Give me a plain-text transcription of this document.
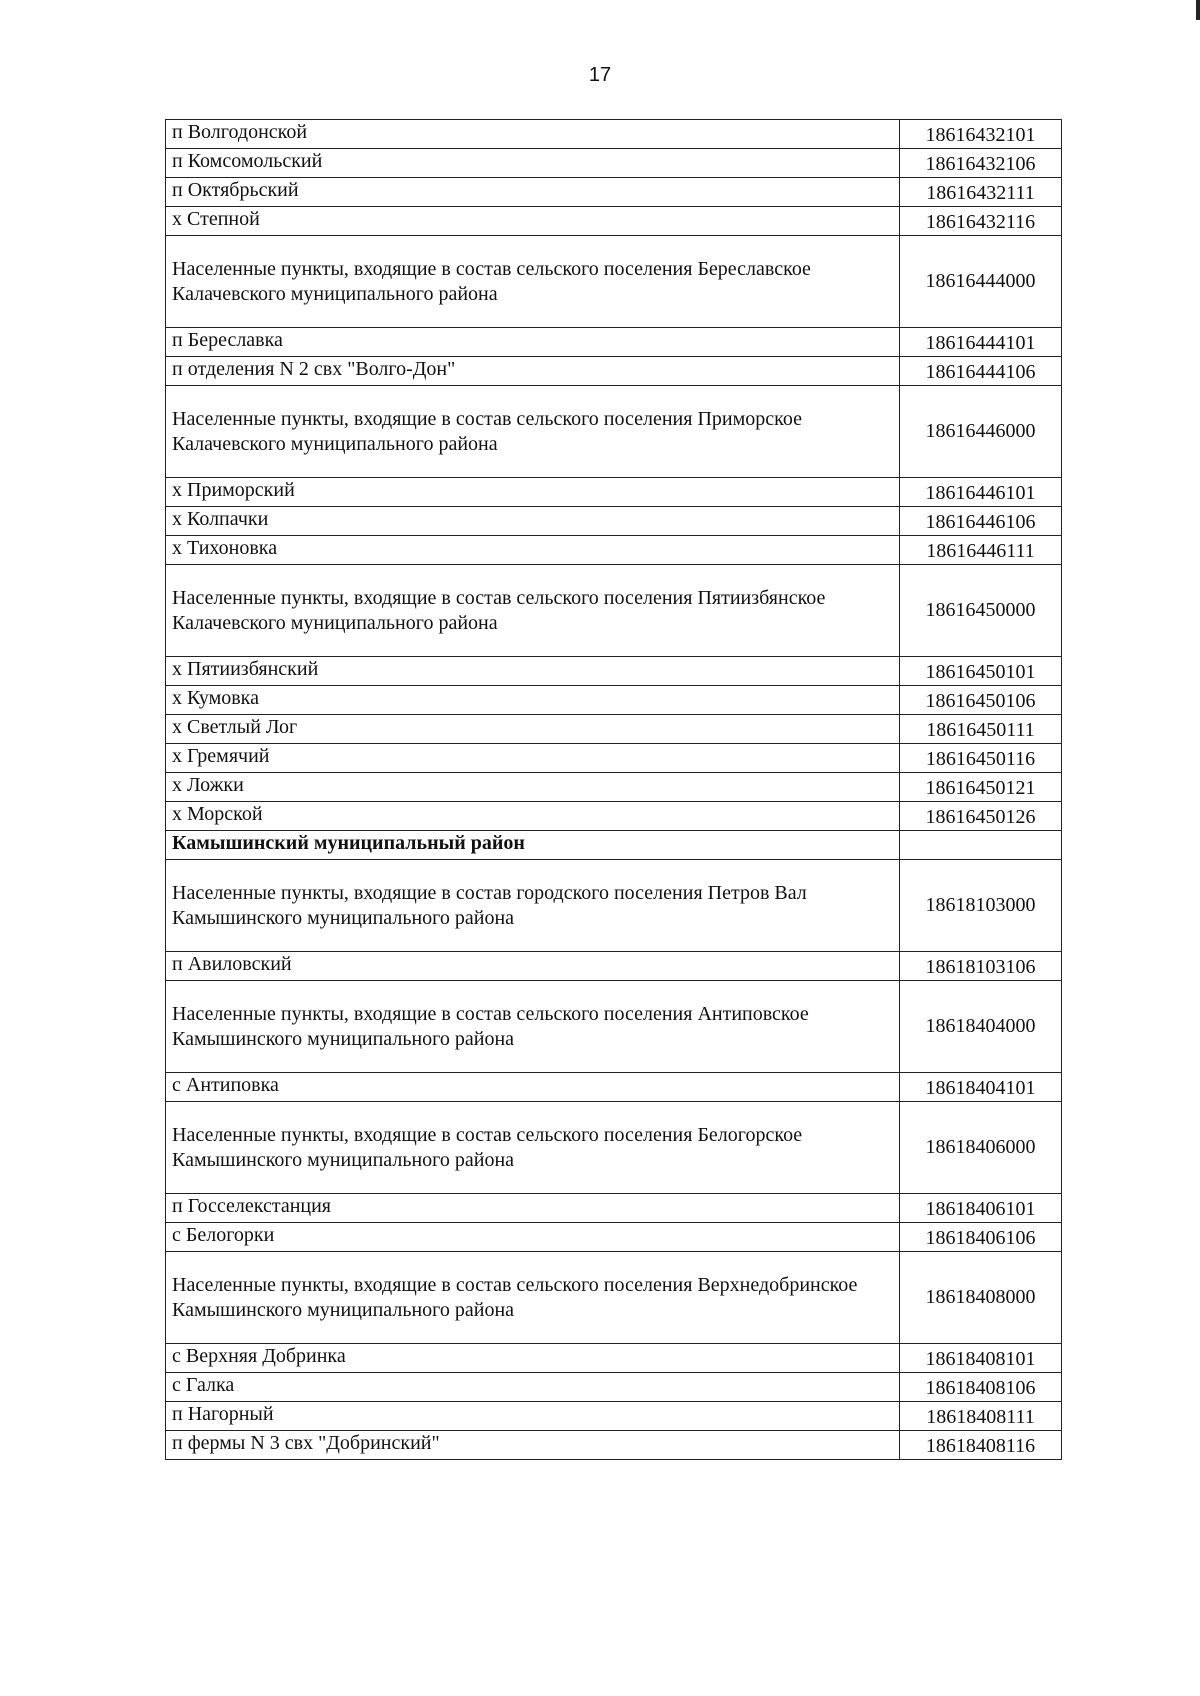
17
п Волгодонской	18616432101
п Комсомольский	18616432106
п Октябрьский	18616432111
х Степной	18616432116
Населенные пункты, входящие в состав сельского поселения Береславское Калачевского муниципального района	18616444000
п Береславка	18616444101
п отделения N 2 свх "Волго-Дон"	18616444106
Населенные пункты, входящие в состав сельского поселения Приморское Калачевского муниципального района	18616446000
х Приморский	18616446101
х Колпачки	18616446106
х Тихоновка	18616446111
Населенные пункты, входящие в состав сельского поселения Пятиизбянское Калачевского муниципального района	18616450000
х Пятиизбянский	18616450101
х Кумовка	18616450106
х Светлый Лог	18616450111
х Гремячий	18616450116
х Ложки	18616450121
х Морской	18616450126
Камышинский муниципальный район	
Населенные пункты, входящие в состав городского поселения Петров Вал Камышинского муниципального района	18618103000
п Авиловский	18618103106
Населенные пункты, входящие в состав сельского поселения Антиповское Камышинского муниципального района	18618404000
с Антиповка	18618404101
Населенные пункты, входящие в состав сельского поселения Белогорское Камышинского муниципального района	18618406000
п Госселекстанция	18618406101
с Белогорки	18618406106
Населенные пункты, входящие в состав сельского поселения Верхнедобринское Камышинского муниципального района	18618408000
с Верхняя Добринка	18618408101
с Галка	18618408106
п Нагорный	18618408111
п фермы N 3 свх "Добринский"	18618408116
